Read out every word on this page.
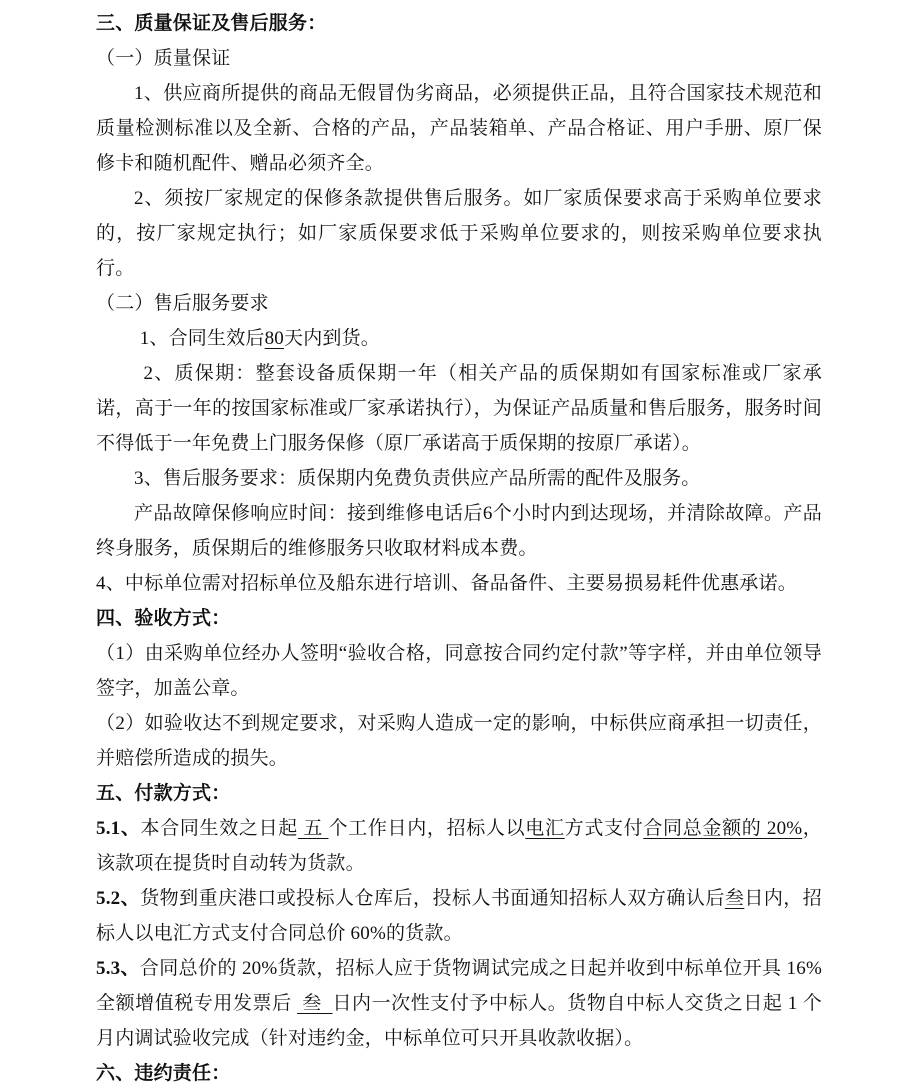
三、质量保证及售后服务：

（一）质量保证

1、供应商所提供的商品无假冒伪劣商品，必须提供正品，且符合国家技术规范和质量检测标准以及全新、合格的产品，产品装箱单、产品合格证、用户手册、原厂保修卡和随机配件、赠品必须齐全。

2、须按厂家规定的保修条款提供售后服务。如厂家质保要求高于采购单位要求的，按厂家规定执行；如厂家质保要求低于采购单位要求的，则按采购单位要求执行。

（二）售后服务要求

1、合同生效后80天内到货。

2、质保期：整套设备质保期一年（相关产品的质保期如有国家标准或厂家承诺，高于一年的按国家标准或厂家承诺执行），为保证产品质量和售后服务，服务时间不得低于一年免费上门服务保修（原厂承诺高于质保期的按原厂承诺）。

3、售后服务要求：质保期内免费负责供应产品所需的配件及服务。

产品故障保修响应时间：接到维修电话后6个小时内到达现场，并清除故障。产品终身服务，质保期后的维修服务只收取材料成本费。

4、中标单位需对招标单位及船东进行培训、备品备件、主要易损易耗件优惠承诺。

四、验收方式：

（1）由采购单位经办人签明“验收合格，同意按合同约定付款”等字样，并由单位领导签字，加盖公章。

（2）如验收达不到规定要求，对采购人造成一定的影响，中标供应商承担一切责任，并赔偿所造成的损失。

五、付款方式：

5.1、本合同生效之日起 五 个工作日内，招标人以电汇方式支付合同总金额的 20%，该款项在提货时自动转为货款。

5.2、货物到重庆港口或投标人仓库后，投标人书面通知招标人双方确认后叁日内，招标人以电汇方式支付合同总价 60%的货款。

5.3、合同总价的 20%货款，招标人应于货物调试完成之日起并收到中标单位开具 16%全额增值税专用发票后  叁  日内一次性支付予中标人。货物自中标人交货之日起 1 个月内调试验收完成（针对违约金，中标单位可只开具收款收据）。

六、违约责任：
